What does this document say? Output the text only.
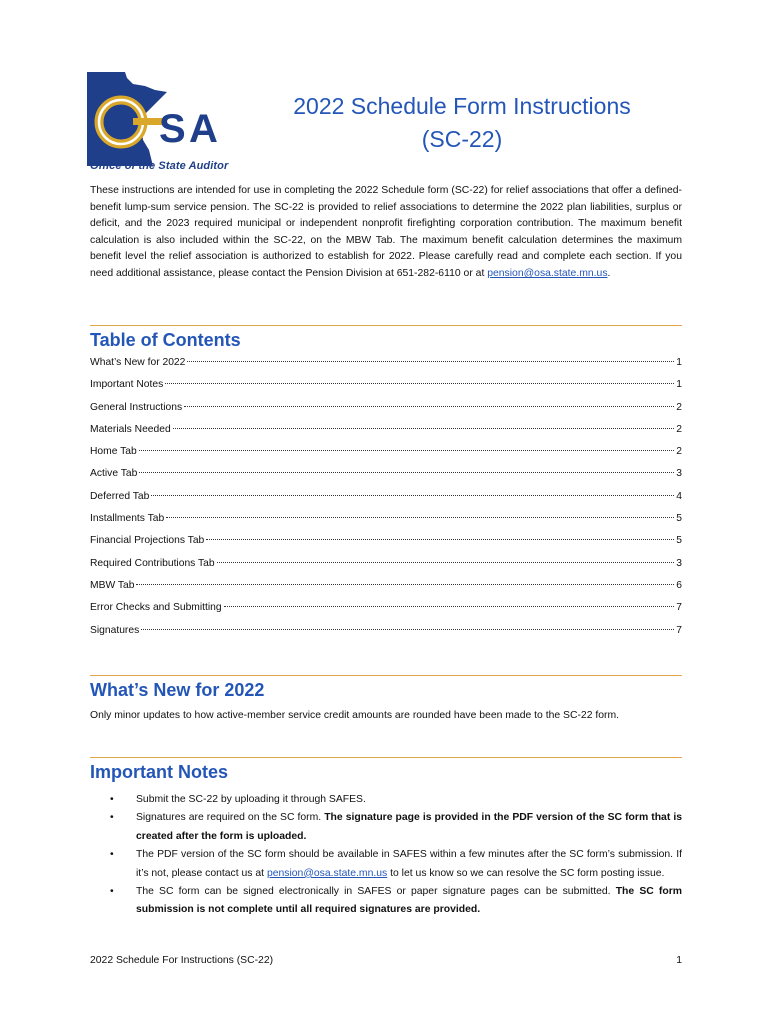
S A
Office of the State Auditor
2022 Schedule Form Instructions
(SC-22)
These instructions are intended for use in completing the 2022 Schedule form (SC-22) for relief associations that offer a defined-benefit lump-sum service pension. The SC-22 is provided to relief associations to determine the 2022 plan liabilities, surplus or deficit, and the 2023 required municipal or independent nonprofit firefighting corporation contribution. The maximum benefit calculation is also included within the SC-22, on the MBW Tab. The maximum benefit calculation determines the maximum benefit level the relief association is authorized to establish for 2022. Please carefully read and complete each section. If you need additional assistance, please contact the Pension Division at 651-282-6110 or at pension@osa.state.mn.us.
Table of Contents
What’s New for 2022	1
Important Notes	1
General Instructions	2
Materials Needed	2
Home Tab	2
Active Tab	3
Deferred Tab	4
Installments Tab	5
Financial Projections Tab	5
Required Contributions Tab	3
MBW Tab	6
Error Checks and Submitting	7
Signatures	7
What’s New for 2022
Only minor updates to how active-member service credit amounts are rounded have been made to the SC-22 form.
Important Notes
• Submit the SC-22 by uploading it through SAFES.
• Signatures are required on the SC form. The signature page is provided in the PDF version of the SC form that is created after the form is uploaded.
• The PDF version of the SC form should be available in SAFES within a few minutes after the SC form’s submission. If it’s not, please contact us at pension@osa.state.mn.us to let us know so we can resolve the SC form posting issue.
• The SC form can be signed electronically in SAFES or paper signature pages can be submitted. The SC form submission is not complete until all required signatures are provided.
2022 Schedule For Instructions (SC-22)	1
